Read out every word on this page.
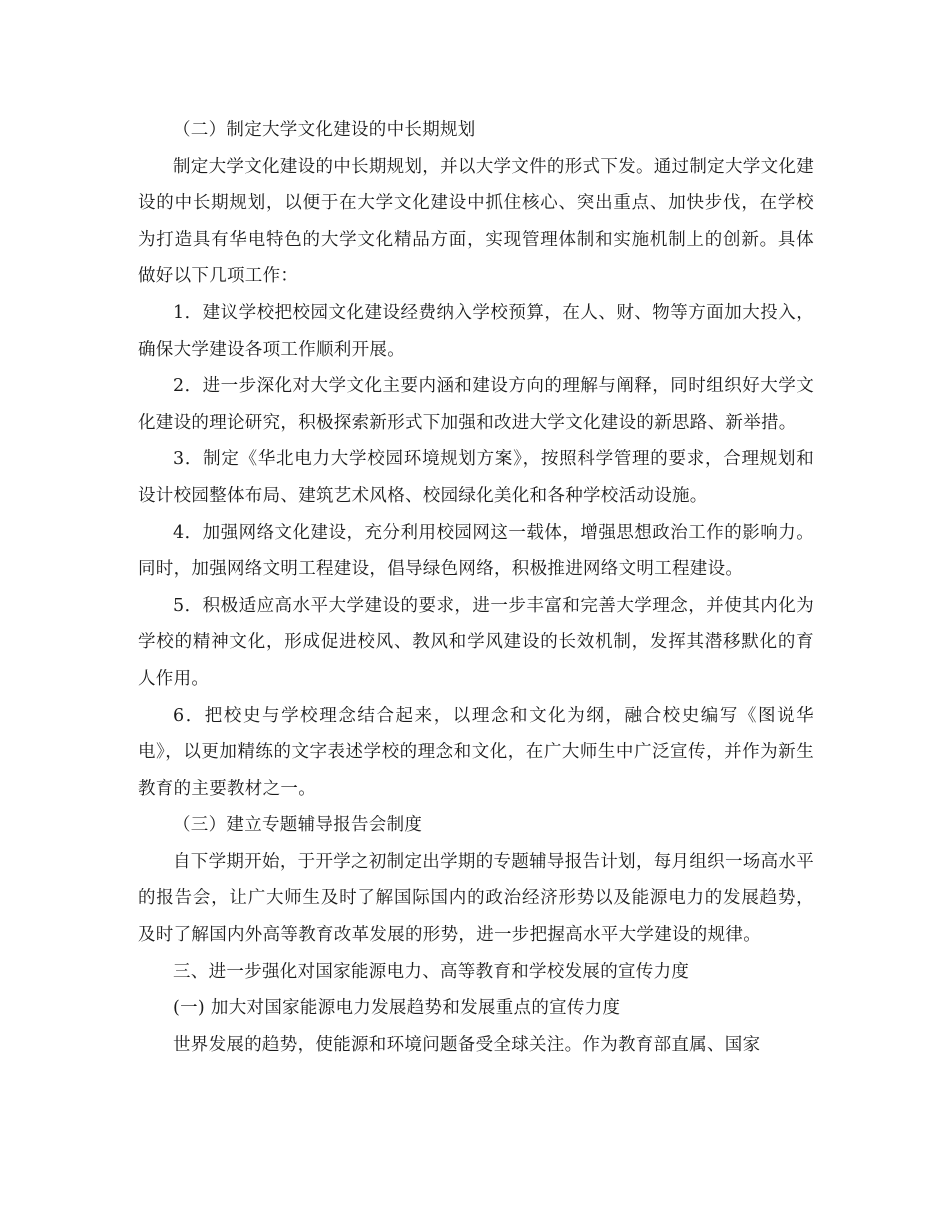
（二）制定大学文化建设的中长期规划

制定大学文化建设的中长期规划，并以大学文件的形式下发。通过制定大学文化建设的中长期规划，以便于在大学文化建设中抓住核心、突出重点、加快步伐，在学校为打造具有华电特色的大学文化精品方面，实现管理体制和实施机制上的创新。具体做好以下几项工作：

1．建议学校把校园文化建设经费纳入学校预算，在人、财、物等方面加大投入，确保大学建设各项工作顺利开展。

2．进一步深化对大学文化主要内涵和建设方向的理解与阐释，同时组织好大学文化建设的理论研究，积极探索新形式下加强和改进大学文化建设的新思路、新举措。

3．制定《华北电力大学校园环境规划方案》，按照科学管理的要求，合理规划和设计校园整体布局、建筑艺术风格、校园绿化美化和各种学校活动设施。

4．加强网络文化建设，充分利用校园网这一载体，增强思想政治工作的影响力。同时，加强网络文明工程建设，倡导绿色网络，积极推进网络文明工程建设。

5．积极适应高水平大学建设的要求，进一步丰富和完善大学理念，并使其内化为学校的精神文化，形成促进校风、教风和学风建设的长效机制，发挥其潜移默化的育人作用。

6．把校史与学校理念结合起来，以理念和文化为纲，融合校史编写《图说华电》，以更加精练的文字表述学校的理念和文化，在广大师生中广泛宣传，并作为新生教育的主要教材之一。

（三）建立专题辅导报告会制度

自下学期开始，于开学之初制定出学期的专题辅导报告计划，每月组织一场高水平的报告会，让广大师生及时了解国际国内的政治经济形势以及能源电力的发展趋势，及时了解国内外高等教育改革发展的形势，进一步把握高水平大学建设的规律。

三、进一步强化对国家能源电力、高等教育和学校发展的宣传力度

(一) 加大对国家能源电力发展趋势和发展重点的宣传力度

世界发展的趋势，使能源和环境问题备受全球关注。作为教育部直属、国家
